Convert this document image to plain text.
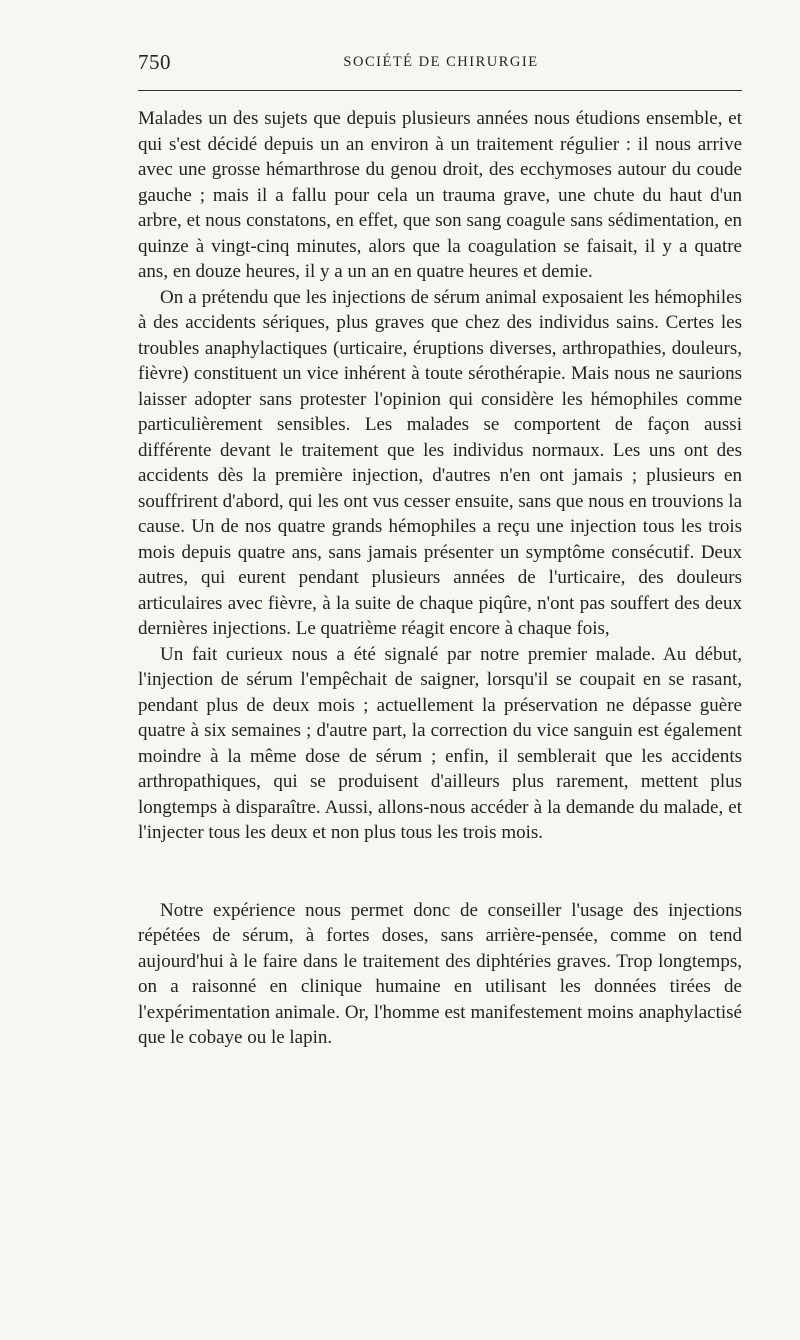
750	SOCIÉTÉ DE CHIRURGIE

Malades un des sujets que depuis plusieurs années nous étudions ensemble, et qui s'est décidé depuis un an environ à un traitement régulier : il nous arrive avec une grosse hémarthrose du genou droit, des ecchymoses autour du coude gauche ; mais il a fallu pour cela un trauma grave, une chute du haut d'un arbre, et nous constatons, en effet, que son sang coagule sans sédimentation, en quinze à vingt-cinq minutes, alors que la coagulation se faisait, il y a quatre ans, en douze heures, il y a un an en quatre heures et demie.

On a prétendu que les injections de sérum animal exposaient les hémophiles à des accidents sériques, plus graves que chez des individus sains. Certes les troubles anaphylactiques (urticaire, éruptions diverses, arthropathies, douleurs, fièvre) constituent un vice inhérent à toute sérothérapie. Mais nous ne saurions laisser adopter sans protester l'opinion qui considère les hémophiles comme particulièrement sensibles. Les malades se comportent de façon aussi différente devant le traitement que les individus normaux. Les uns ont des accidents dès la première injection, d'autres n'en ont jamais ; plusieurs en souffrirent d'abord, qui les ont vus cesser ensuite, sans que nous en trouvions la cause. Un de nos quatre grands hémophiles a reçu une injection tous les trois mois depuis quatre ans, sans jamais présenter un symptôme consécutif. Deux autres, qui eurent pendant plusieurs années de l'urticaire, des douleurs articulaires avec fièvre, à la suite de chaque piqûre, n'ont pas souffert des deux dernières injections. Le quatrième réagit encore à chaque fois,

Un fait curieux nous a été signalé par notre premier malade. Au début, l'injection de sérum l'empêchait de saigner, lorsqu'il se coupait en se rasant, pendant plus de deux mois ; actuellement la préservation ne dépasse guère quatre à six semaines ; d'autre part, la correction du vice sanguin est également moindre à la même dose de sérum ; enfin, il semblerait que les accidents arthropathiques, qui se produisent d'ailleurs plus rarement, mettent plus longtemps à disparaître. Aussi, allons-nous accéder à la demande du malade, et l'injecter tous les deux et non plus tous les trois mois.

Notre expérience nous permet donc de conseiller l'usage des injections répétées de sérum, à fortes doses, sans arrière-pensée, comme on tend aujourd'hui à le faire dans le traitement des diphtéries graves. Trop longtemps, on a raisonné en clinique humaine en utilisant les données tirées de l'expérimentation animale. Or, l'homme est manifestement moins anaphylactisé que le cobaye ou le lapin.
